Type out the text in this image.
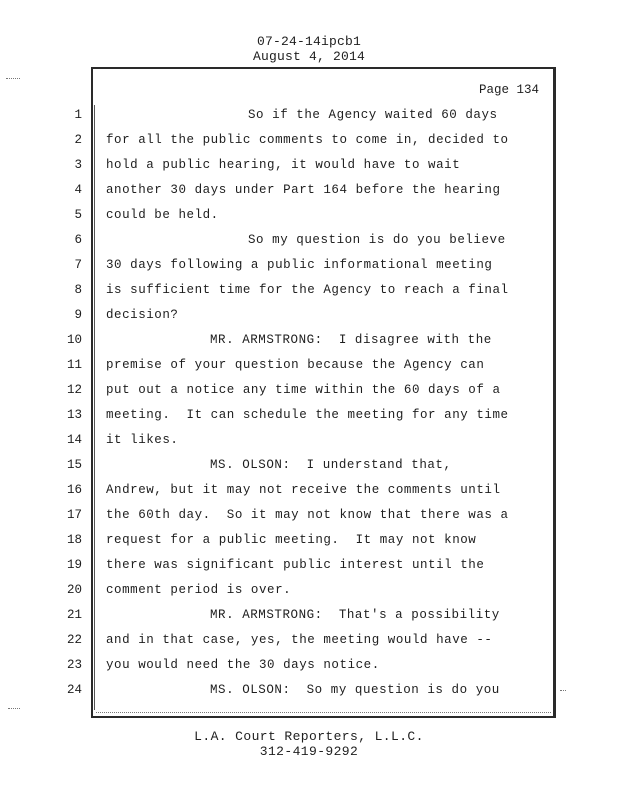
07-24-14ipcb1
August 4, 2014
Page 134
1	So if the Agency waited 60 days
2 for all the public comments to come in, decided to
3 hold a public hearing, it would have to wait
4 another 30 days under Part 164 before the hearing
5 could be held.
6	So my question is do you believe
7 30 days following a public informational meeting
8 is sufficient time for the Agency to reach a final
9 decision?
10	MR. ARMSTRONG:  I disagree with the
11 premise of your question because the Agency can
12 put out a notice any time within the 60 days of a
13 meeting.  It can schedule the meeting for any time
14 it likes.
15	MS. OLSON:  I understand that,
16 Andrew, but it may not receive the comments until
17 the 60th day.  So it may not know that there was a
18 request for a public meeting.  It may not know
19 there was significant public interest until the
20 comment period is over.
21	MR. ARMSTRONG:  That's a possibility
22 and in that case, yes, the meeting would have --
23 you would need the 30 days notice.
24	MS. OLSON:  So my question is do you
L.A. Court Reporters, L.L.C.
312-419-9292
